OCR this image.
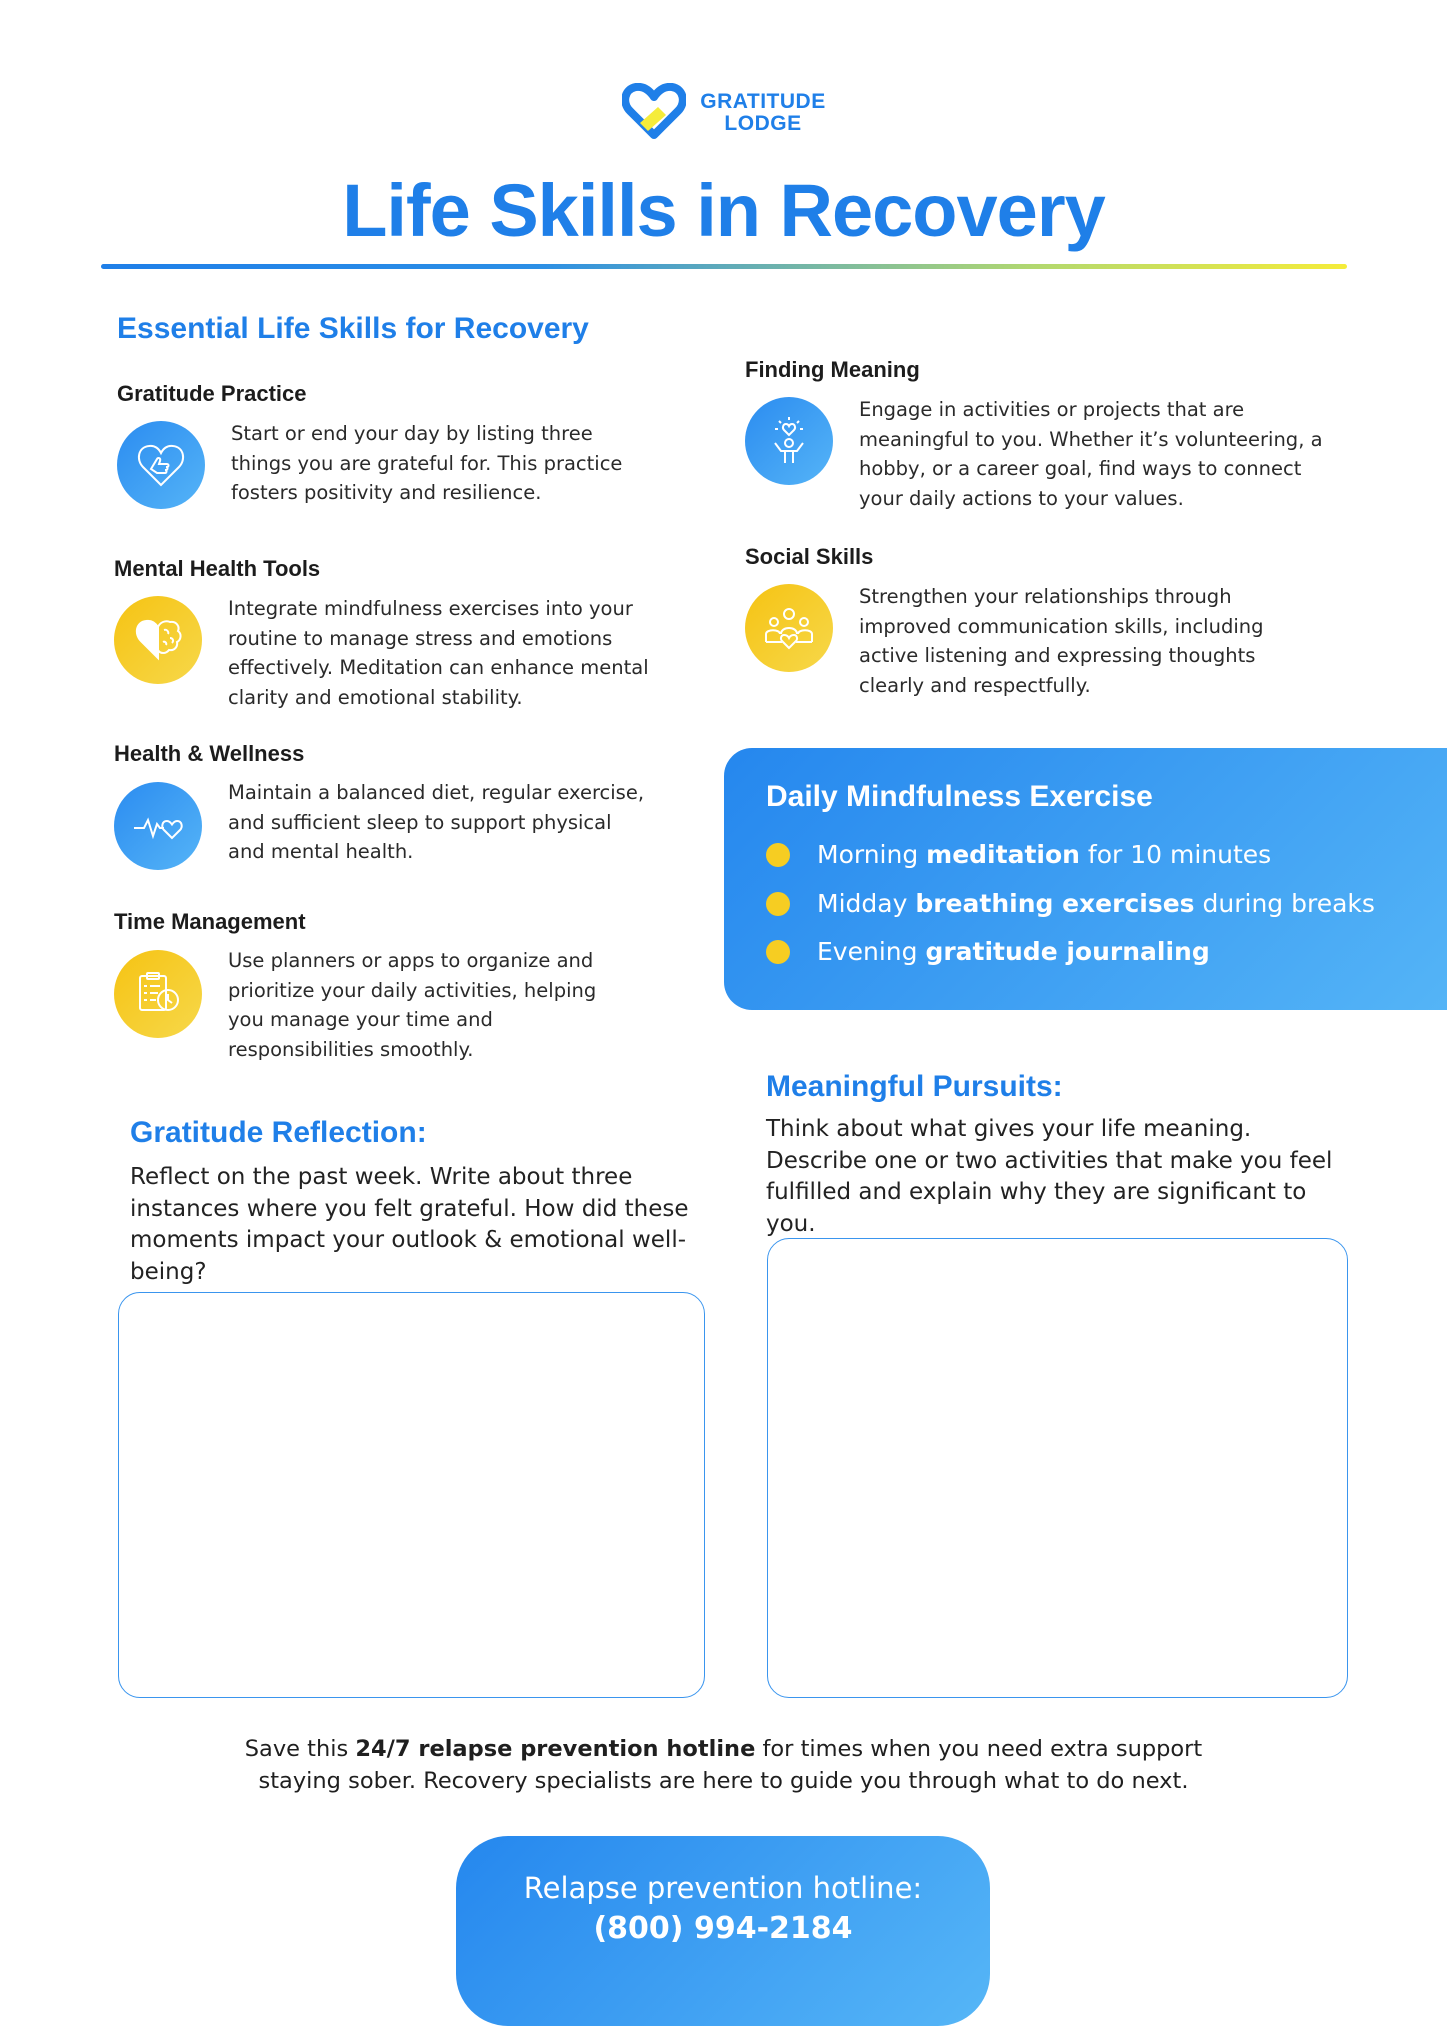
GRATITUDE
LODGE
Life Skills in Recovery
Essential Life Skills for Recovery
Gratitude Practice
Start or end your day by listing three things you are grateful for. This practice fosters positivity and resilience.
Mental Health Tools
Integrate mindfulness exercises into your routine to manage stress and emotions effectively. Meditation can enhance mental clarity and emotional stability.
Health & Wellness
Maintain a balanced diet, regular exercise, and sufficient sleep to support physical and mental health.
Time Management
Use planners or apps to organize and prioritize your daily activities, helping you manage your time and responsibilities smoothly.
Finding Meaning
Engage in activities or projects that are meaningful to you. Whether it’s volunteering, a hobby, or a career goal, find ways to connect your daily actions to your values.
Social Skills
Strengthen your relationships through improved communication skills, including active listening and expressing thoughts clearly and respectfully.
Daily Mindfulness Exercise
Morning meditation for 10 minutes
Midday breathing exercises during breaks
Evening gratitude journaling
Gratitude Reflection:
Reflect on the past week. Write about three instances where you felt grateful. How did these moments impact your outlook & emotional well-being?
Meaningful Pursuits:
Think about what gives your life meaning. Describe one or two activities that make you feel fulfilled and explain why they are significant to you.
Save this 24/7 relapse prevention hotline for times when you need extra support staying sober. Recovery specialists are here to guide you through what to do next.
Relapse prevention hotline:
(800) 994-2184
